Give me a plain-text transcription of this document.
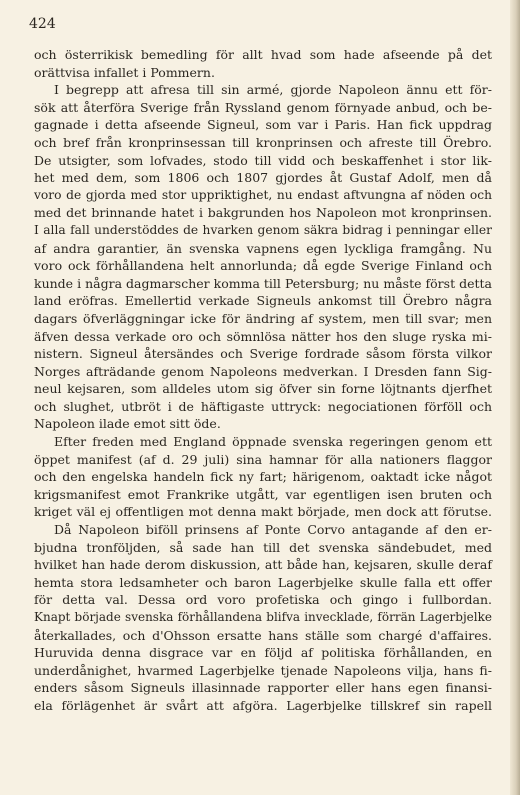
424
och österrikisk bemedling för allt hvad som hade afseende på det
orättvisa infallet i Pommern.
I begrepp att afresa till sin armé, gjorde Napoleon ännu ett för-
sök att återföra Sverige från Ryssland genom förnyade anbud, och be-
gagnade i detta afseende Signeul, som var i Paris. Han fick uppdrag
och bref från kronprinsessan till kronprinsen och afreste till Örebro.
De utsigter, som lofvades, stodo till vidd och beskaffenhet i stor lik-
het med dem, som 1806 och 1807 gjordes åt Gustaf Adolf, men då
voro de gjorda med stor uppriktighet, nu endast aftvungna af nöden och
med det brinnande hatet i bakgrunden hos Napoleon mot kronprinsen.
I alla fall understöddes de hvarken genom säkra bidrag i penningar eller
af andra garantier, än svenska vapnens egen lyckliga framgång. Nu
voro ock förhållandena helt annorlunda; då egde Sverige Finland och
kunde i några dagmarscher komma till Petersburg; nu måste först detta
land eröfras. Emellertid verkade Signeuls ankomst till Örebro några
dagars öfverläggningar icke för ändring af system, men till svar; men
äfven dessa verkade oro och sömnlösa nätter hos den sluge ryska mi-
nistern. Signeul återsändes och Sverige fordrade såsom första vilkor
Norges afträdande genom Napoleons medverkan. I Dresden fann Sig-
neul kejsaren, som alldeles utom sig öfver sin forne löjtnants djerfhet
och slughet, utbröt i de häftigaste uttryck: negociationen förföll och
Napoleon ilade emot sitt öde.
Efter freden med England öppnade svenska regeringen genom ett
öppet manifest (af d. 29 juli) sina hamnar för alla nationers flaggor
och den engelska handeln fick ny fart; härigenom, oaktadt icke något
krigsmanifest emot Frankrike utgått, var egentligen isen bruten och
kriget väl ej offentligen mot denna makt började, men dock att förutse.
Då Napoleon biföll prinsens af Ponte Corvo antagande af den er-
bjudna tronföljden, så sade han till det svenska sändebudet, med
hvilket han hade derom diskussion, att både han, kejsaren, skulle deraf
hemta stora ledsamheter och baron Lagerbjelke skulle falla ett offer
för detta val. Dessa ord voro profetiska och gingo i fullbordan.
Knapt började svenska förhållandena blifva invecklade, förrän Lagerbjelke
återkallades, och d'Ohsson ersatte hans ställe som chargé d'affaires.
Huruvida denna disgrace var en följd af politiska förhållanden, en
underdånighet, hvarmed Lagerbjelke tjenade Napoleons vilja, hans fi-
enders såsom Signeuls illasinnade rapporter eller hans egen finansi-
ela förlägenhet är svårt att afgöra. Lagerbjelke tillskref sin rapell
